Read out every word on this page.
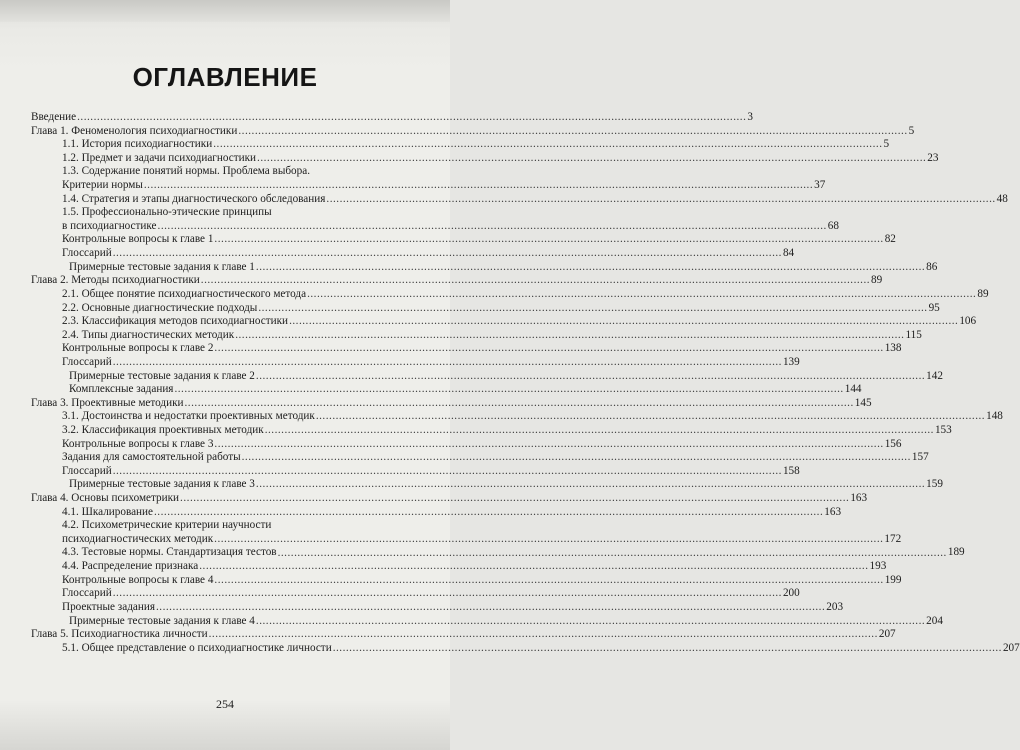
ОГЛАВЛЕНИЕ
Введение .....	3
Глава 1. Феноменология психодиагностики .....	5
1.1. История психодиагностики .....	5
1.2. Предмет и задачи психодиагностики .....	23
1.3. Содержание понятий нормы. Проблема выбора.
Критерии нормы .....	37
1.4. Стратегия и этапы диагностического обследования .....	48
1.5. Профессионально-этические принципы
в психодиагностике .....	68
Контрольные вопросы к главе 1 .....	82
Глоссарий .....	84
Примерные тестовые задания к главе 1 .....	86
Глава 2. Методы психодиагностики .....	89
2.1. Общее понятие психодиагностического метода .....	89
2.2. Основные диагностические подходы .....	95
2.3. Классификация методов психодиагностики .....	106
2.4. Типы диагностических методик .....	115
Контрольные вопросы к главе 2 .....	138
Глоссарий .....	139
Примерные тестовые задания к главе 2 .....	142
Комплексные задания .....	144
Глава 3. Проективные методики .....	145
3.1. Достоинства и недостатки проективных методик .....	148
3.2. Классификация проективных методик .....	153
Контрольные вопросы к главе 3 .....	156
Задания для самостоятельной работы .....	157
Глоссарий .....	158
Примерные тестовые задания к главе 3 .....	159
Глава 4. Основы психометрики .....	163
4.1. Шкалирование .....	163
4.2. Психометрические критерии научности
психодиагностических методик .....	172
4.3. Тестовые нормы. Стандартизация тестов .....	189
4.4. Распределение признака .....	193
Контрольные вопросы к главе 4 .....	199
Глоссарий .....	200
Проектные задания .....	203
Примерные тестовые задания к главе 4 .....	204
Глава 5. Психодиагностика личности .....	207
5.1. Общее представление о психодиагностике личности .....	207
254
